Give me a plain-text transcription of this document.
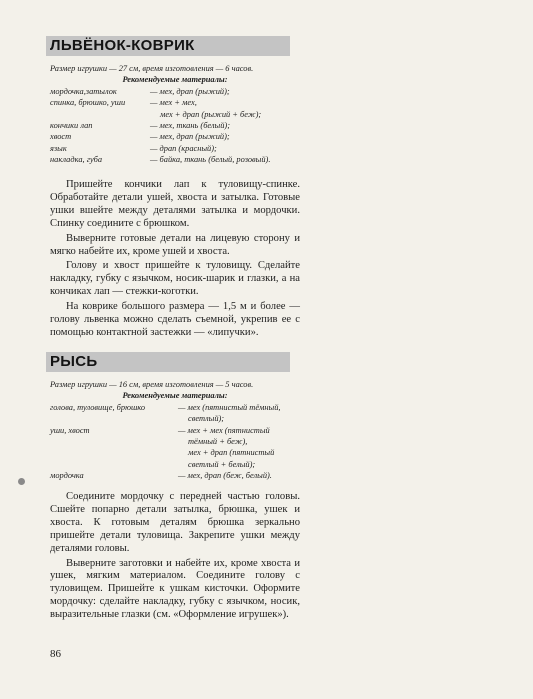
ЛЬВЁНОК-КОВРИК
Размер игрушки — 27 см, время изготовления — 6 часов.
Рекомендуемые материалы:
мордочка,затылок	— мех, драп (рыжий);
спинка, брюшко, уши	— мех + мех,
мех + драп (рыжий + беж);
кончики лап	— мех, ткань (белый);
хвост	— мех, драп (рыжий);
язык	— драп (красный);
накладка, губа	— байка, ткань (белый, розовый).

Пришейте кончики лап к туловищу-спинке. Обработайте детали ушей, хвоста и затылка. Готовые ушки вшейте между деталями затылка и мордочки. Спинку соедините с брюшком.

Выверните готовые детали на лицевую сторону и мягко набейте их, кроме ушей и хвоста.

Голову и хвост пришейте к туловищу. Сделайте накладку, губку с язычком, носик-шарик и глазки, а на кончиках лап — стежки-коготки.

На коврике большого размера — 1,5 м и более — голову львенка можно сделать съемной, укрепив ее с помощью контактной застежки — «липучки».

РЫСЬ
Размер игрушки — 16 см, время изготовления — 5 часов.
Рекомендуемые материалы:
голова, туловище, брюшко	— мех (пятнистый тёмный,
светлый);
уши, хвост	— мех + мех (пятнистый
тёмный + беж),
мех + драп (пятнистый
светлый + белый);
мордочка	— мех, драп (беж, белый).

Соедините мордочку с передней частью головы. Сшейте попарно детали затылка, брюшка, ушек и хвоста. К готовым деталям брюшка зеркально пришейте детали туловища. Закрепите ушки между деталями головы.

Выверните заготовки и набейте их, кроме хвоста и ушек, мягким материалом. Соедините голову с туловищем. Пришейте к ушкам кисточки. Оформите мордочку: сделайте накладку, губку с язычком, носик, выразительные глазки (см. «Оформление игрушек»).

86
